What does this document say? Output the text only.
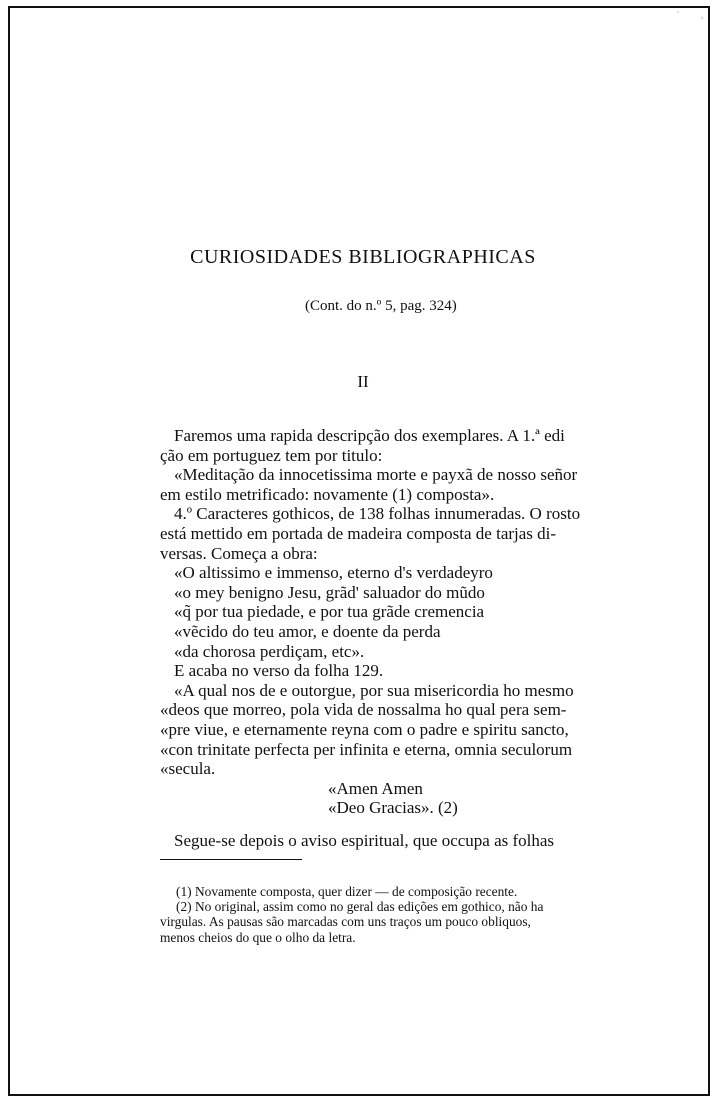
CURIOSIDADES BIBLIOGRAPHICAS
(Cont. do n.º 5, pag. 324)
II

Faremos uma rapida descripção dos exemplares. A 1.ª edi

ção em portuguez tem por titulo:

«Meditação da innocetissima morte e payxã de nosso señor

em estilo metrificado: novamente (1) composta».

4.º Caracteres gothicos, de 138 folhas innumeradas. O rosto

está mettido em portada de madeira composta de tarjas di-

versas. Começa a obra:

«O altissimo e immenso, eterno d's verdadeyro

«o mey benigno Jesu, grãd' saluador do mũdo

«q̃ por tua piedade, e por tua grãde cremencia

«vẽcido do teu amor, e doente da perda

«da chorosa perdiçam, etc».

E acaba no verso da folha 129.

«A qual nos de e outorgue, por sua misericordia ho mesmo

«deos que morreo, pola vida de nossalma ho qual pera sem-

«pre viue, e eternamente reyna com o padre e spiritu sancto,

«con trinitate perfecta per infinita e eterna, omnia seculorum

«secula.

«Amen Amen

«Deo Gracias». (2)

Segue-se depois o aviso espiritual, que occupa as folhas

(1) Novamente composta, quer dizer — de composição recente.

(2) No original, assim como no geral das edições em gothico, não ha

virgulas. As pausas são marcadas com uns traços um pouco obliquos,

menos cheios do que o olho da letra.
